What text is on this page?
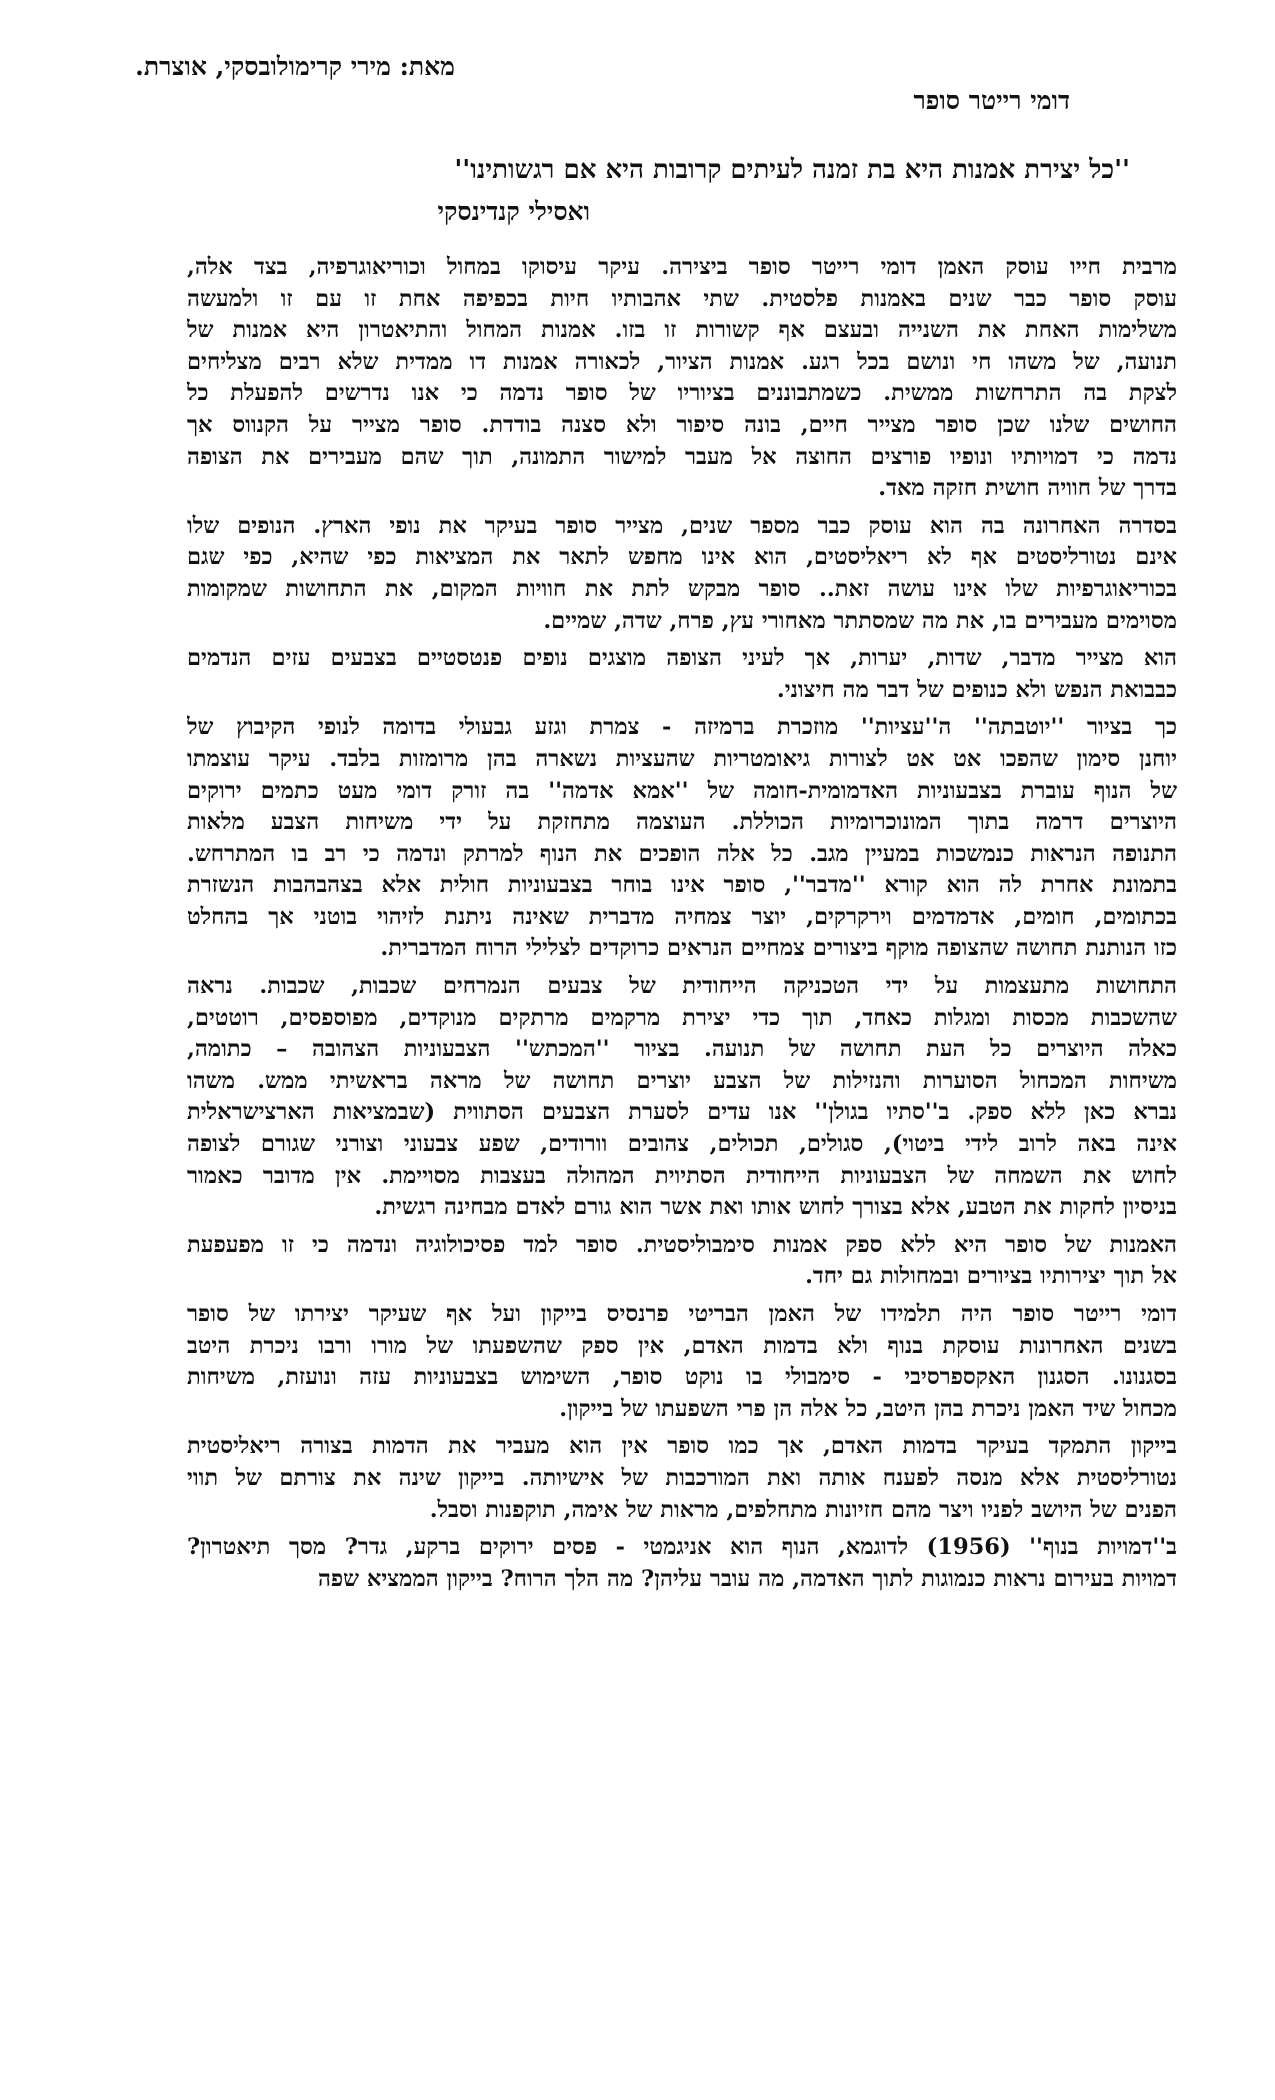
מאת: מירי קרימולובסקי, אוצרת.
דומי רייטר סופר
''כל יצירת אמנות היא בת זמנה לעיתים קרובות היא אם רגשותינו''
ואסילי קנדינסקי
מרבית חייו עוסק האמן דומי רייטר סופר ביצירה. עיקר עיסוקו במחול וכוריאוגרפיה, בצד אלה,
עוסק סופר כבר שנים באמנות פלסטית. שתי אהבותיו חיות בכפיפה אחת זו עם זו ולמעשה
משלימות האחת את השנייה ובעצם אף קשורות זו בזו. אמנות המחול והתיאטרון היא אמנות של
תנועה, של משהו חי ונושם בכל רגע. אמנות הציור, לכאורה אמנות דו ממדית שלא רבים מצליחים
לצקת בה התרחשות ממשית. כשמתבוננים בציוריו של סופר נדמה כי אנו נדרשים להפעלת כל
החושים שלנו שכן סופר מצייר חיים, בונה סיפור ולא סצנה בודדת. סופר מצייר על הקנווס אך
נדמה כי דמויותיו ונופיו פורצים החוצה אל מעבר למישור התמונה, תוך שהם מעבירים את הצופה
בדרך של חוויה חושית חזקה מאד.
בסדרה האחרונה בה הוא עוסק כבר מספר שנים, מצייר סופר בעיקר את נופי הארץ. הנופים שלו
אינם נטורליסטים אף לא ריאליסטים, הוא אינו מחפש לתאר את המציאות כפי שהיא, כפי שגם
בכוריאוגרפיות שלו אינו עושה זאת.. סופר מבקש לתת את חוויות המקום, את התחושות שמקומות
מסוימים מעבירים בו, את מה שמסתתר מאחורי עץ, פרח, שדה, שמיים.
הוא מצייר מדבר, שדות, יערות, אך לעיני הצופה מוצגים נופים פנטסטיים בצבעים עזים הנדמים
כבבואת הנפש ולא כנופים של דבר מה חיצוני.
כך בציור ''יוטבתה'' ה''עציות'' מוזכרת ברמיזה - צמרת וגזע גבעולי בדומה לנופי הקיבוץ של
יוחנן סימון שהפכו אט אט לצורות גיאומטריות שהעציות נשארה בהן מרומזות בלבד. עיקר עוצמתו
של הנוף עוברת בצבעוניות האדמומית-חומה של ''אמא אדמה'' בה זורק דומי מעט כתמים ירוקים
היוצרים דרמה בתוך המונוכרומיות הכוללת. העוצמה מתחזקת על ידי משיחות הצבע מלאות
התנופה הנראות כנמשכות במעיין מגב. כל אלה הופכים את הנוף למרתק ונדמה כי רב בו המתרחש.
בתמונת אחרת לה הוא קורא ''מדבר'', סופר אינו בוחר בצבעוניות חולית אלא בצהבהבות הנשזרת
בכתומים, חומים, אדמדמים וירקרקים, יוצר צמחיה מדברית שאינה ניתנת לזיהוי בוטני אך בהחלט
כזו הנותנת תחושה שהצופה מוקף ביצורים צמחיים הנראים כרוקדים לצלילי הרוח המדברית.
התחושות מתעצמות על ידי הטכניקה הייחודית של צבעים הנמרחים שכבות, שכבות. נראה
שהשכבות מכסות ומגלות כאחד, תוך כדי יצירת מרקמים מרתקים מנוקדים, מפוספסים, רוטטים,
כאלה היוצרים כל העת תחושה של תנועה. בציור ''המכתש'' הצבעוניות הצהובה – כתומה,
משיחות המכחול הסוערות והנזילות של הצבע יוצרים תחושה של מראה בראשיתי ממש. משהו
נברא כאן ללא ספק. ב''סתיו בגולן'' אנו עדים לסערת הצבעים הסתווית (שבמציאות הארצישראלית
אינה באה לרוב לידי ביטוי), סגולים, תכולים, צהובים וורודים, שפע צבעוני וצורני שגורם לצופה
לחוש את השמחה של הצבעוניות הייחודית הסתיוית המהולה בעצבות מסויימת. אין מדובר כאמור
בניסיון לחקות את הטבע, אלא בצורך לחוש אותו ואת אשר הוא גורם לאדם מבחינה רגשית.
האמנות של סופר היא ללא ספק אמנות סימבוליסטית. סופר למד פסיכולוגיה ונדמה כי זו מפעפעת
אל תוך יצירותיו בציורים ובמחולות גם יחד.
דומי רייטר סופר היה תלמידו של האמן הבריטי פרנסיס בייקון ועל אף שעיקר יצירתו של סופר
בשנים האחרונות עוסקת בנוף ולא בדמות האדם, אין ספק שהשפעתו של מורו ורבו ניכרת היטב
בסגנונו. הסגנון האקספרסיבי - סימבולי בו נוקט סופר, השימוש בצבעוניות עזה ונועזת, משיחות
מכחול שיד האמן ניכרת בהן היטב, כל אלה הן פרי השפעתו של בייקון.
בייקון התמקד בעיקר בדמות האדם, אך כמו סופר אין הוא מעביר את הדמות בצורה ריאליסטית
נטורליסטית אלא מנסה לפענח אותה ואת המורכבות של אישיותה. בייקון שינה את צורתם של תווי
הפנים של היושב לפניו ויצר מהם חזיונות מתחלפים, מראות של אימה, תוקפנות וסבל.
ב''דמויות בנוף'' (1956) לדוגמא, הנוף הוא אניגמטי - פסים ירוקים ברקע, גדר? מסך תיאטרון?
דמויות בעירום נראות כנמוגות לתוך האדמה, מה עובר עליהן? מה הלך הרוח? בייקון הממציא שפה
